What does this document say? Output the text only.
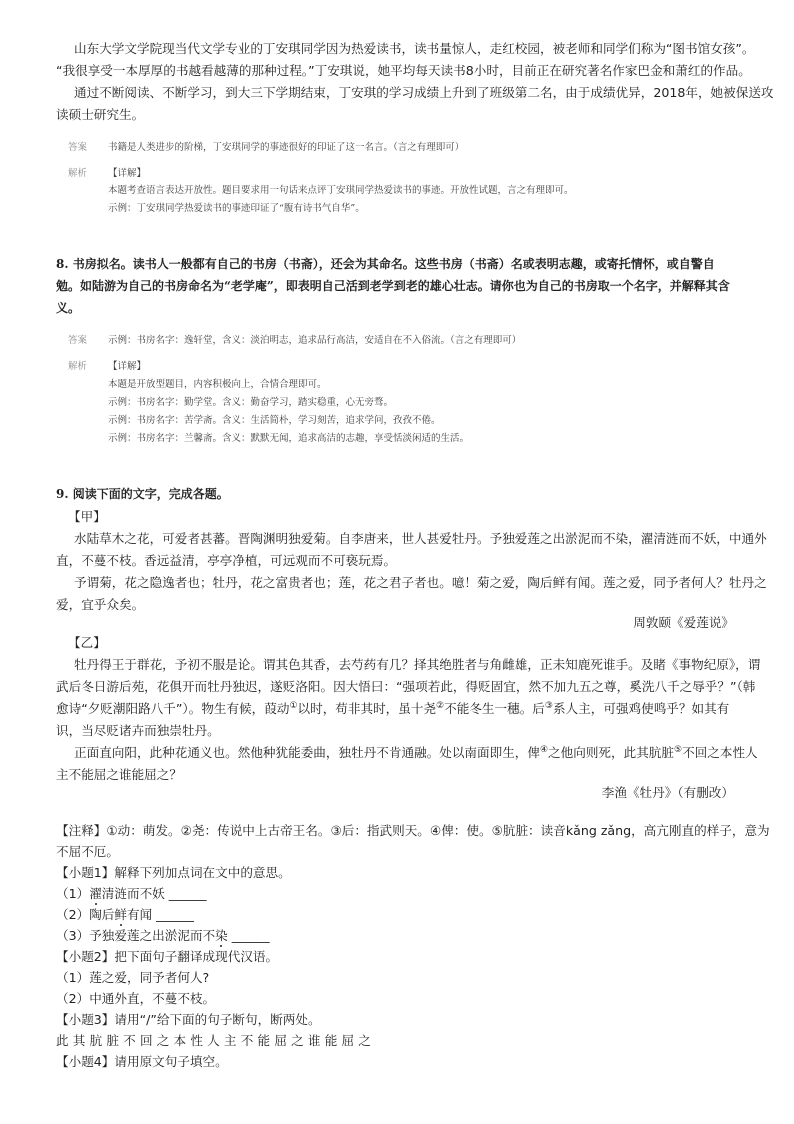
山东大学文学院现当代文学专业的丁安琪同学因为热爱读书，读书量惊人，走红校园，被老师和同学们称为“图书馆女孩”。
“我很享受一本厚厚的书越看越薄的那种过程。”丁安琪说，她平均每天读书8小时，目前正在研究著名作家巴金和萧红的作品。
通过不断阅读、不断学习，到大三下学期结束，丁安琪的学习成绩上升到了班级第二名，由于成绩优异，2018年，她被保送攻
读硕士研究生。
答案 书籍是人类进步的阶梯，丁安琪同学的事迹很好的印证了这一名言。（言之有理即可）
解析 【详解】
本题考查语言表达开放性。题目要求用一句话来点评丁安琪同学热爱读书的事迹。开放性试题，言之有理即可。
示例：丁安琪同学热爱读书的事迹印证了“腹有诗书气自华”。
8. 书房拟名。读书人一般都有自己的书房（书斋），还会为其命名。这些书房（书斋）名或表明志趣，或寄托情怀，或自警自
勉。如陆游为自己的书房命名为“老学庵”，即表明自己活到老学到老的雄心壮志。请你也为自己的书房取一个名字，并解释其含
义。
答案 示例：书房名字：逸轩堂，含义：淡泊明志，追求品行高洁，安适自在不入俗流。（言之有理即可）
解析 【详解】
本题是开放型题目，内容积极向上，合情合理即可。
示例：书房名字：勤学堂。含义：勤奋学习，踏实稳重，心无旁骛。
示例：书房名字：苦学斋。含义：生活简朴，学习刻苦，追求学问，孜孜不倦。
示例：书房名字：兰馨斋。含义：默默无闻，追求高洁的志趣，享受恬淡闲适的生活。
9. 阅读下面的文字，完成各题。
【甲】
水陆草木之花，可爱者甚蕃。晋陶渊明独爱菊。自李唐来，世人甚爱牡丹。予独爱莲之出淤泥而不染，濯清涟而不妖，中通外
直，不蔓不枝。香远益清，亭亭净植，可远观而不可亵玩焉。
予谓菊，花之隐逸者也；牡丹，花之富贵者也；莲，花之君子者也。噫！菊之爱，陶后鲜有闻。莲之爱，同予者何人？牡丹之
爱，宜乎众矣。
周敦颐《爱莲说》
【乙】
牡丹得王于群花，予初不服是论。谓其色其香，去芍药有几？择其绝胜者与角雌雄，正未知鹿死谁手。及睹《事物纪原》，谓
武后冬日游后苑，花俱开而牡丹独迟，遂贬洛阳。因大悟曰：“强项若此，得贬固宜，然不加九五之尊，奚洗八千之辱乎？”（韩
愈诗“夕贬潮阳路八千”）。物生有候，葭动①以时，苟非其时，虽十尧②不能冬生一穗。后③系人主，可强鸡使鸣乎？如其有
识，当尽贬诸卉而独崇牡丹。
正面直向阳，此种花通义也。然他种犹能委曲，独牡丹不肯通融。处以南面即生，俾④之他向则死，此其肮脏⑤不回之本性人
主不能屈之谁能屈之？
李渔《牡丹》（有删改）
【注释】①动：萌发。②尧：传说中上古帝王名。③后：指武则天。④俾：使。⑤肮脏：读音kǎng zǎng，高亢刚直的样子，意为
不屈不厄。
【小题1】解释下列加点词在文中的意思。
（1）濯清涟而不妖 ______
（2）陶后鲜有闻 ______
（3）予独爱莲之出淤泥而不染 ______
【小题2】把下面句子翻译成现代汉语。
（1）莲之爱，同予者何人?
（2）中通外直，不蔓不枝。
【小题3】请用“/”给下面的句子断句，断两处。
此其肮脏不回之本性人主不能屈之谁能屈之
【小题4】请用原文句子填空。
